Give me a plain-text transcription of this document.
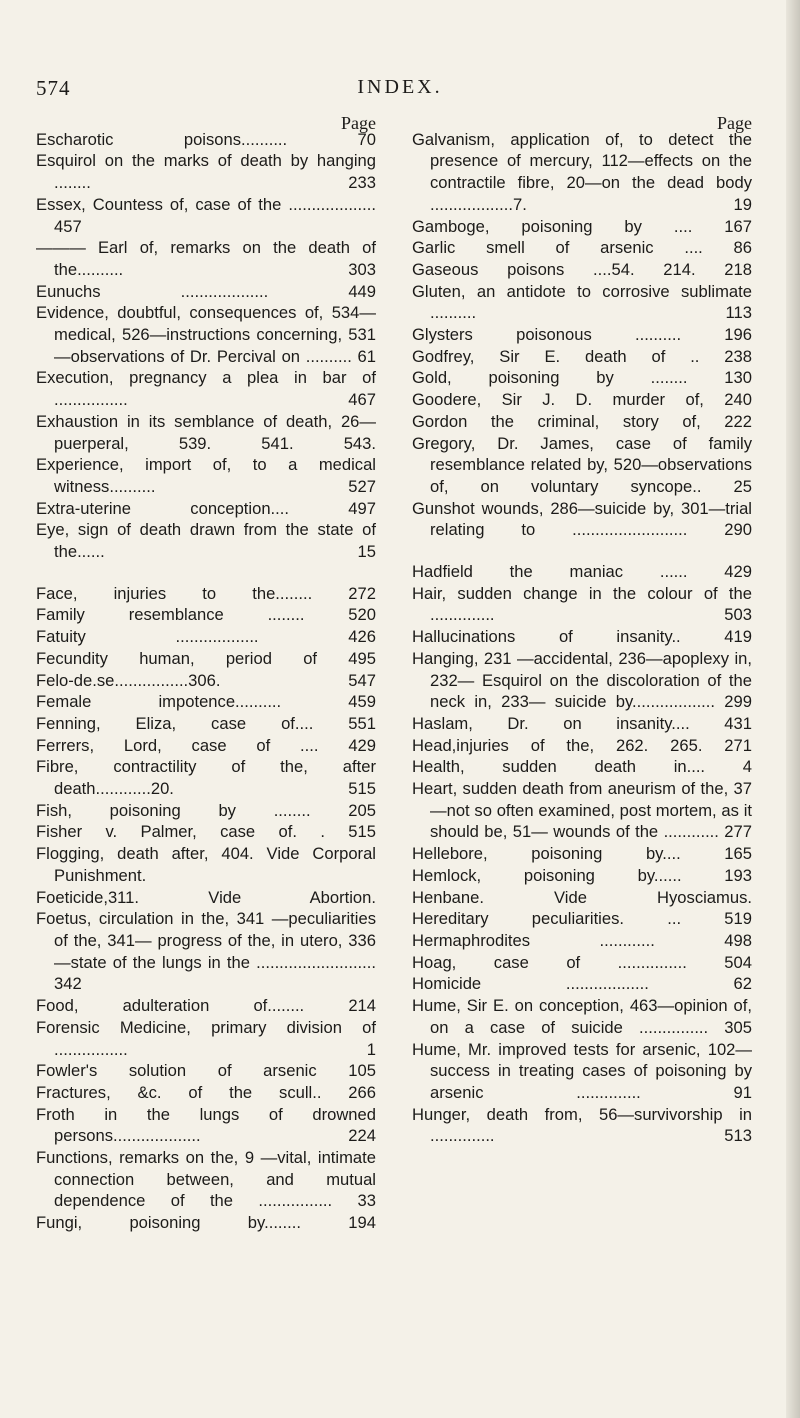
574	INDEX.
Page
Escharotic poisons.......... 70
Esquirol on the marks of death by hanging ........ 233
Essex, Countess of, case of the ................... 457
——— Earl of, remarks on the death of the.......... 303
Eunuchs ................... 449
Evidence, doubtful, consequences of, 534—medical, 526—instructions concerning, 531—observations of Dr. Percival on .......... 61
Execution, pregnancy a plea in bar of ................ 467
Exhaustion in its semblance of death, 26—puerperal, 539. 541. 543.
Experience, import of, to a medical witness.......... 527
Extra-uterine conception.... 497
Eye, sign of death drawn from the state of the...... 15
Face, injuries to the........ 272
Family resemblance ........ 520
Fatuity .................. 426
Fecundity human, period of 495
Felo-de.se................306. 547
Female impotence.......... 459
Fenning, Eliza, case of.... 551
Ferrers, Lord, case of .... 429
Fibre, contractility of the, after death............20. 515
Fish, poisoning by ........ 205
Fisher v. Palmer, case of. . 515
Flogging, death after, 404. Vide Corporal Punishment.
Foeticide,311. Vide Abortion.
Foetus, circulation in the, 341 —peculiarities of the, 341— progress of the, in utero, 336—state of the lungs in the .......................... 342
Food, adulteration of........ 214
Forensic Medicine, primary division of ................ 1
Fowler's solution of arsenic 105
Fractures, &c. of the scull.. 266
Froth in the lungs of drowned persons................... 224
Functions, remarks on the, 9 —vital, intimate connection between, and mutual dependence of the ................ 33
Fungi, poisoning by........ 194
Page
Galvanism, application of, to detect the presence of mercury, 112—effects on the contractile fibre, 20—on the dead body ..................7. 19
Gamboge, poisoning by .... 167
Garlic smell of arsenic .... 86
Gaseous poisons ....54. 214. 218
Gluten, an antidote to corrosive sublimate .......... 113
Glysters poisonous .......... 196
Godfrey, Sir E. death of .. 238
Gold, poisoning by ........ 130
Gooderе, Sir J. D. murder of, 240
Gordon the criminal, story of, 222
Gregory, Dr. James, case of family resemblance related by, 520—observations of, on voluntary syncope.. 25
Gunshot wounds, 286—suicide by, 301—trial relating to ......................... 290
Hadfield the maniac ...... 429
Hair, sudden change in the colour of the .............. 503
Hallucinations of insanity.. 419
Hanging, 231 —accidental, 236—apoplexy in, 232— Esquirol on the discoloration of the neck in, 233— suicide by.................. 299
Haslam, Dr. on insanity.... 431
Head,injuries of the, 262. 265. 271
Health, sudden death in.... 4
Heart, sudden death from aneurism of the, 37—not so often examined, post mortem, as it should be, 51— wounds of the ............ 277
Hellebore, poisoning by.... 165
Hemlock, poisoning by...... 193
Henbane. Vide Hyosciamus.
Hereditary peculiarities. ... 519
Hermaphrodites ............ 498
Hoag, case of ............... 504
Homicide .................. 62
Hume, Sir E. on conception, 463—opinion of, on a case of suicide ............... 305
Hume, Mr. improved tests for arsenic, 102—success in treating cases of poisoning by arsenic .............. 91
Hunger, death from, 56—survivorship in .............. 513
